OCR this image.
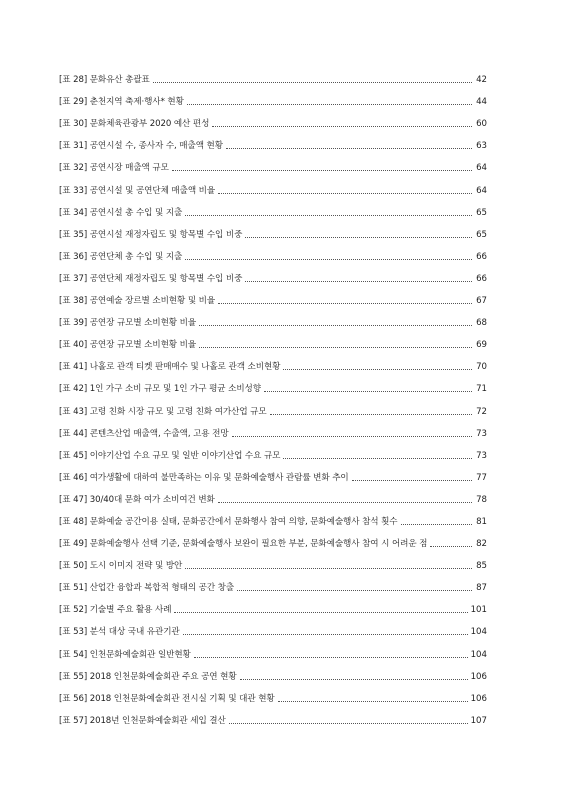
[표 28] 문화유산 총괄표	42
[표 29] 춘천지역 축제·행사* 현황	44
[표 30] 문화체육관광부 2020 예산 편성	60
[표 31] 공연시설 수, 종사자 수, 매출액 현황	63
[표 32] 공연시장 매출액 규모	64
[표 33] 공연시설 및 공연단체 매출액 비율	64
[표 34] 공연시설 총 수입 및 지출	65
[표 35] 공연시설 재정자립도 및 항목별 수입 비중	65
[표 36] 공연단체 총 수입 및 지출	66
[표 37] 공연단체 재정자립도 및 항목별 수입 비중	66
[표 38] 공연예술 장르별 소비현황 및 비율	67
[표 39] 공연장 규모별 소비현황 비율	68
[표 40] 공연장 규모별 소비현황 비율	69
[표 41] 나홀로 관객 티켓 판매매수 및 나홀로 관객 소비현황	70
[표 42] 1인 가구 소비 규모 및 1인 가구 평균 소비성향	71
[표 43] 고령 친화 시장 규모 및 고령 친화 여가산업 규모	72
[표 44] 콘텐츠산업 매출액, 수출액, 고용 전망	73
[표 45] 이야기산업 수요 규모 및 일반 이야기산업 수요 규모	73
[표 46] 여가생활에 대하여 불만족하는 이유 및 문화예술행사 관람률 변화 추이	77
[표 47] 30/40대 문화 여가 소비여건 변화	78
[표 48] 문화예술 공간이용 실태, 문화공간에서 문화행사 참여 의향, 문화예술행사 참석 횟수	81
[표 49] 문화예술행사 선택 기준, 문화예술행사 보완이 필요한 부분, 문화예술행사 참여 시 어려운 점	82
[표 50] 도시 이미지 전략 및 방안	85
[표 51] 산업간 융합과 복합적 형태의 공간 창출	87
[표 52] 기술별 주요 활용 사례	101
[표 53] 분석 대상 국내 유관기관	104
[표 54] 인천문화예술회관 일반현황	104
[표 55] 2018 인천문화예술회관 주요 공연 현황	106
[표 56] 2018 인천문화예술회관 전시실 기획 및 대관 현황	106
[표 57] 2018년 인천문화예술회관 세입 결산	107
